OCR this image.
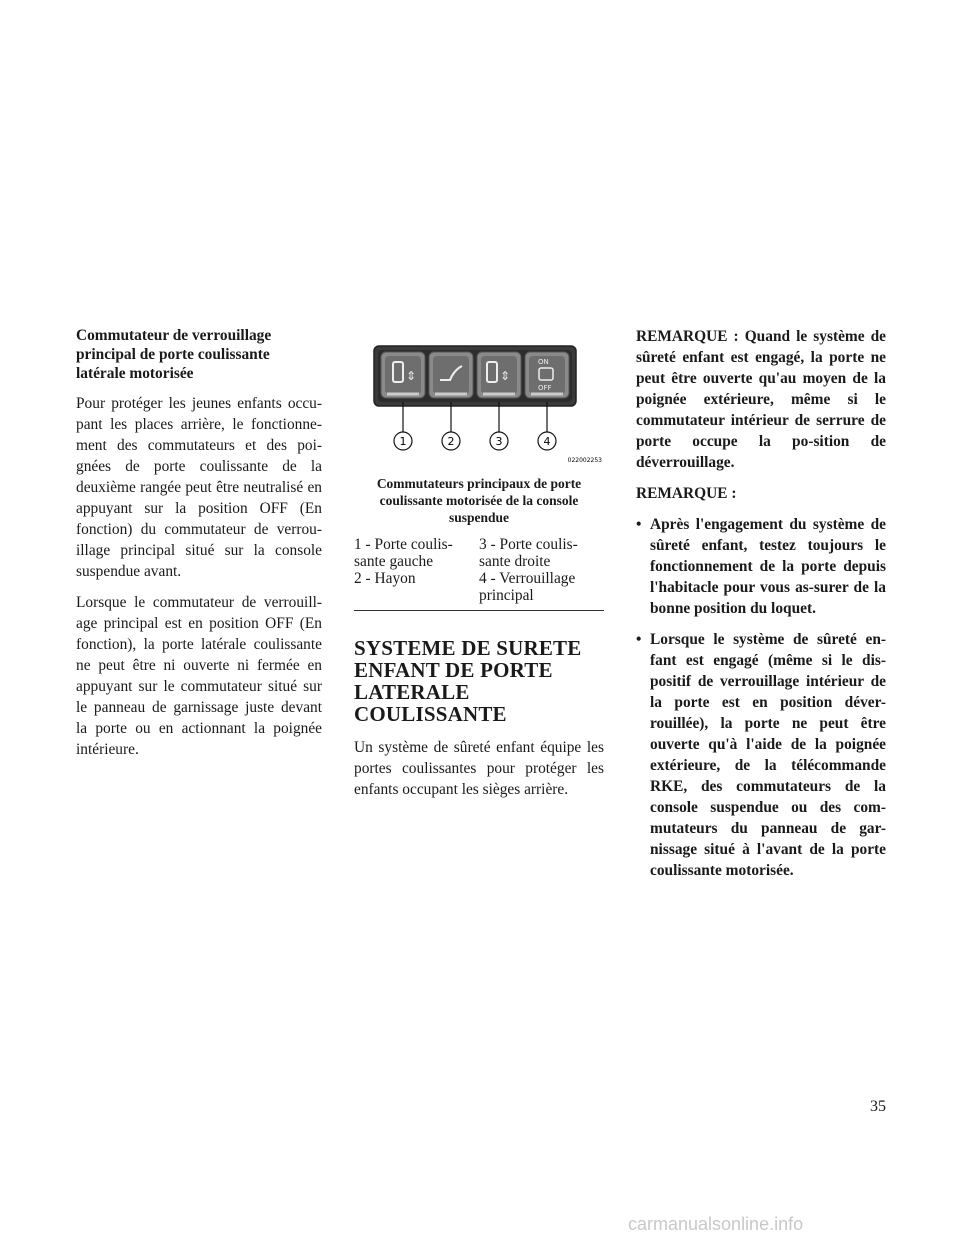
Commutateur de verrouillage principal de porte coulissante latérale motorisée

Pour protéger les jeunes enfants occu-pant les places arrière, le fonctionne-ment des commutateurs et des poi-gnées de porte coulissante de la deuxième rangée peut être neutralisé en appuyant sur la position OFF (En fonction) du commutateur de verrou-illage principal situé sur la console suspendue avant.

Lorsque le commutateur de verrouill-age principal est en position OFF (En fonction), la porte latérale coulissante ne peut être ni ouverte ni fermée en appuyant sur le commutateur situé sur le panneau de garnissage juste devant la porte ou en actionnant la poignée intérieure.

⇕	⇕
ON
OFF
1	2	3	4
022002253

Commutateurs principaux de porte coulissante motorisée de la console suspendue

1 - Porte coulis-sante gauche	3 - Porte coulis-sante droite
2 - Hayon	4 - Verrouillage principal

SYSTEME DE SURETE ENFANT DE PORTE LATERALE COULISSANTE

Un système de sûreté enfant équipe les portes coulissantes pour protéger les enfants occupant les sièges arrière.

REMARQUE : Quand le système de sûreté enfant est engagé, la porte ne peut être ouverte qu'au moyen de la poignée extérieure, même si le commutateur intérieur de serrure de porte occupe la po-sition de déverrouillage.

REMARQUE :

• Après l'engagement du système de sûreté enfant, testez toujours le fonctionnement de la porte depuis l'habitacle pour vous as-surer de la bonne position du loquet.
• Lorsque le système de sûreté en-fant est engagé (même si le dis-positif de verrouillage intérieur de la porte est en position déver-rouillée), la porte ne peut être ouverte qu'à l'aide de la poignée extérieure, de la télécommande RKE, des commutateurs de la console suspendue ou des com-mutateurs du panneau de gar-nissage situé à l'avant de la porte coulissante motorisée.
35
carmanualsonline.info
